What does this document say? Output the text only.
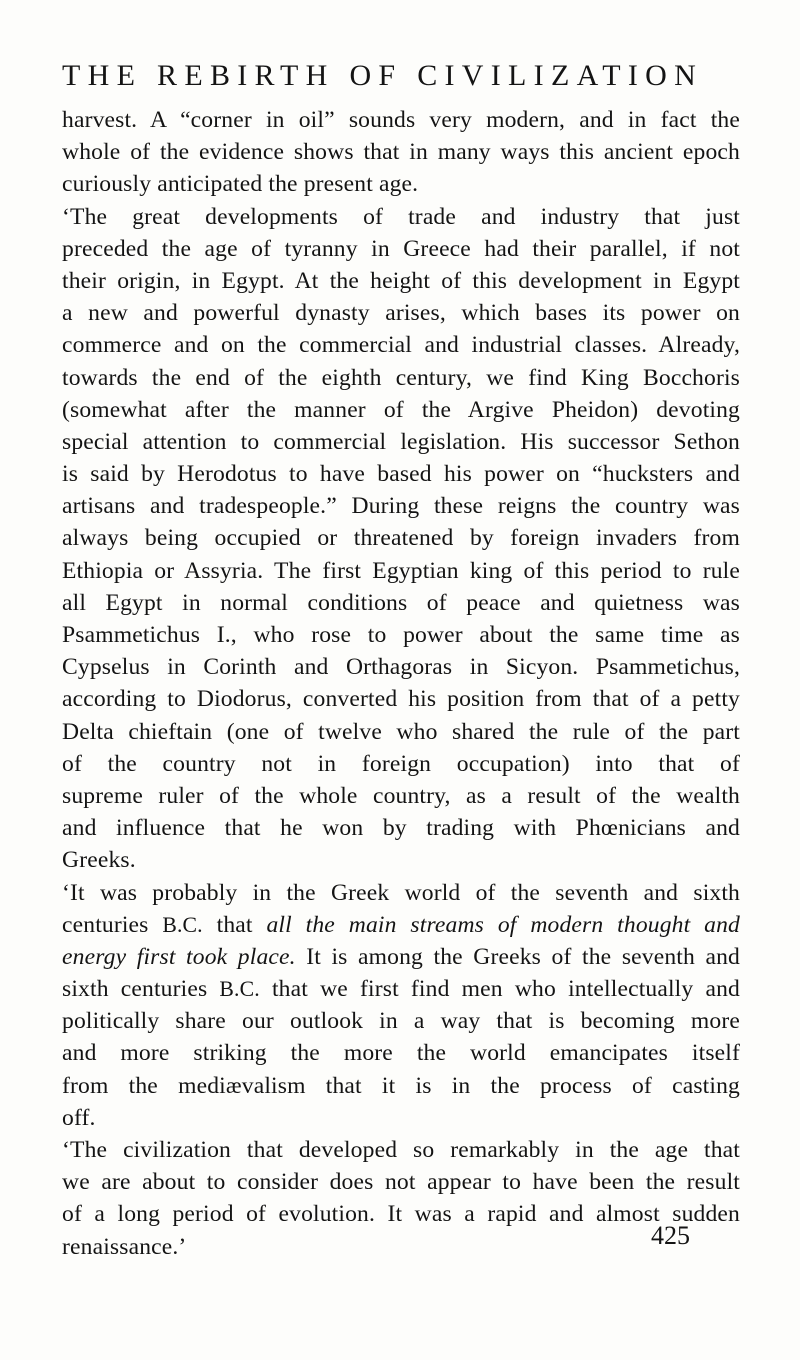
THE REBIRTH OF CIVILIZATION
harvest. A “corner in oil” sounds very modern, and in fact the
whole of the evidence shows that in many ways this ancient epoch
curiously anticipated the present age.
‘The great developments of trade and industry that just
preceded the age of tyranny in Greece had their parallel, if not
their origin, in Egypt. At the height of this development in Egypt
a new and powerful dynasty arises, which bases its power on
commerce and on the commercial and industrial classes. Already,
towards the end of the eighth century, we find King Bocchoris
(somewhat after the manner of the Argive Pheidon) devoting
special attention to commercial legislation. His successor Sethon
is said by Herodotus to have based his power on “hucksters and
artisans and tradespeople.” During these reigns the country was
always being occupied or threatened by foreign invaders from
Ethiopia or Assyria. The first Egyptian king of this period to rule
all Egypt in normal conditions of peace and quietness was
Psammetichus I., who rose to power about the same time as
Cypselus in Corinth and Orthagoras in Sicyon. Psammetichus,
according to Diodorus, converted his position from that of a petty
Delta chieftain (one of twelve who shared the rule of the part
of the country not in foreign occupation) into that of
supreme ruler of the whole country, as a result of the wealth
and influence that he won by trading with Phœnicians and
Greeks.
‘It was probably in the Greek world of the seventh and sixth
centuries B.C. that all the main streams of modern thought and
energy first took place. It is among the Greeks of the seventh and
sixth centuries B.C. that we first find men who intellectually and
politically share our outlook in a way that is becoming more
and more striking the more the world emancipates itself
from the mediævalism that it is in the process of casting
off.
‘The civilization that developed so remarkably in the age that
we are about to consider does not appear to have been the result
of a long period of evolution. It was a rapid and almost sudden
renaissance.’	425
